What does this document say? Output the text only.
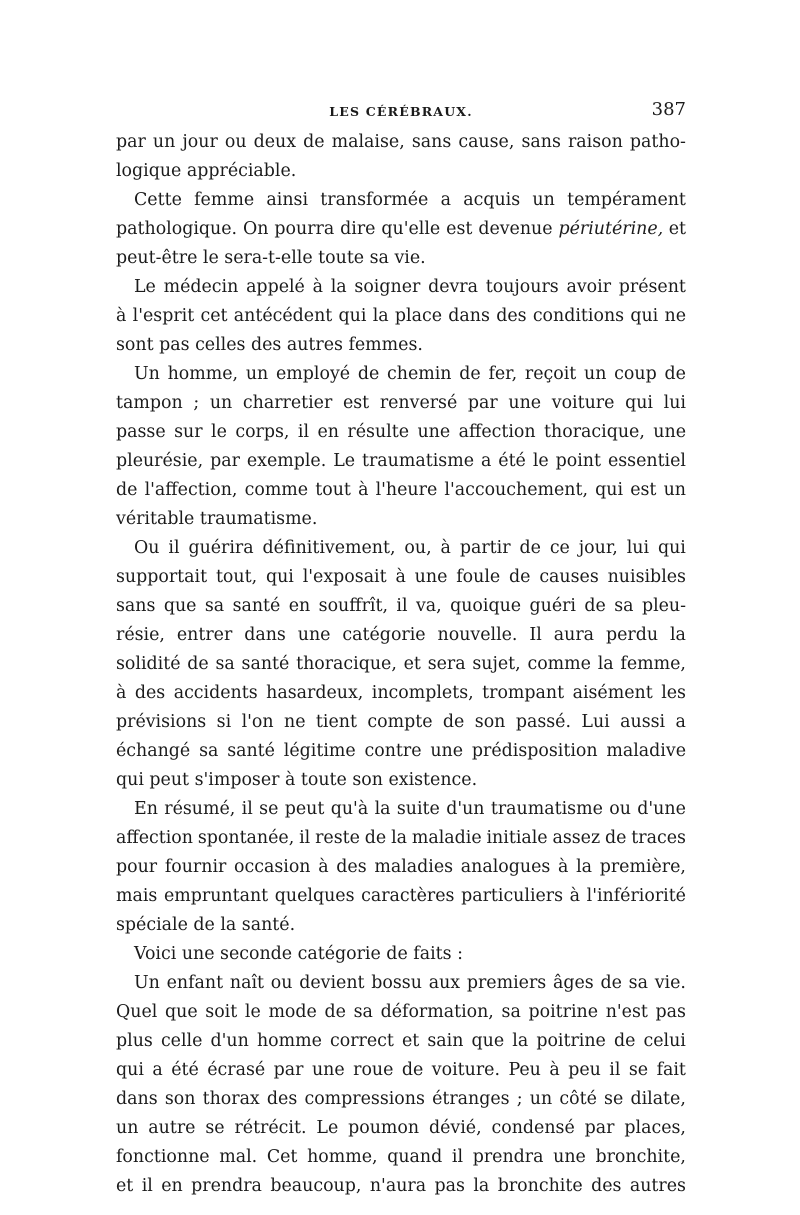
LES CÉRÉBRAUX.	387
par un jour ou deux de malaise, sans cause, sans raison patho-
logique appréciable.
Cette femme ainsi transformée a acquis un tempérament
pathologique. On pourra dire qu'elle est devenue périutérine, et
peut-être le sera-t-elle toute sa vie.
Le médecin appelé à la soigner devra toujours avoir présent
à l'esprit cet antécédent qui la place dans des conditions qui ne
sont pas celles des autres femmes.
Un homme, un employé de chemin de fer, reçoit un coup de
tampon ; un charretier est renversé par une voiture qui lui
passe sur le corps, il en résulte une affection thoracique, une
pleurésie, par exemple. Le traumatisme a été le point essentiel
de l'affection, comme tout à l'heure l'accouchement, qui est un
véritable traumatisme.
Ou il guérira définitivement, ou, à partir de ce jour, lui qui
supportait tout, qui l'exposait à une foule de causes nuisibles
sans que sa santé en souffrît, il va, quoique guéri de sa pleu-
résie, entrer dans une catégorie nouvelle. Il aura perdu la
solidité de sa santé thoracique, et sera sujet, comme la femme,
à des accidents hasardeux, incomplets, trompant aisément les
prévisions si l'on ne tient compte de son passé. Lui aussi a
échangé sa santé légitime contre une prédisposition maladive
qui peut s'imposer à toute son existence.
En résumé, il se peut qu'à la suite d'un traumatisme ou d'une
affection spontanée, il reste de la maladie initiale assez de traces
pour fournir occasion à des maladies analogues à la première,
mais empruntant quelques caractères particuliers à l'infériorité
spéciale de la santé.
Voici une seconde catégorie de faits :
Un enfant naît ou devient bossu aux premiers âges de sa vie.
Quel que soit le mode de sa déformation, sa poitrine n'est pas
plus celle d'un homme correct et sain que la poitrine de celui
qui a été écrasé par une roue de voiture. Peu à peu il se fait
dans son thorax des compressions étranges ; un côté se dilate,
un autre se rétrécit. Le poumon dévié, condensé par places,
fonctionne mal. Cet homme, quand il prendra une bronchite,
et il en prendra beaucoup, n'aura pas la bronchite des autres
